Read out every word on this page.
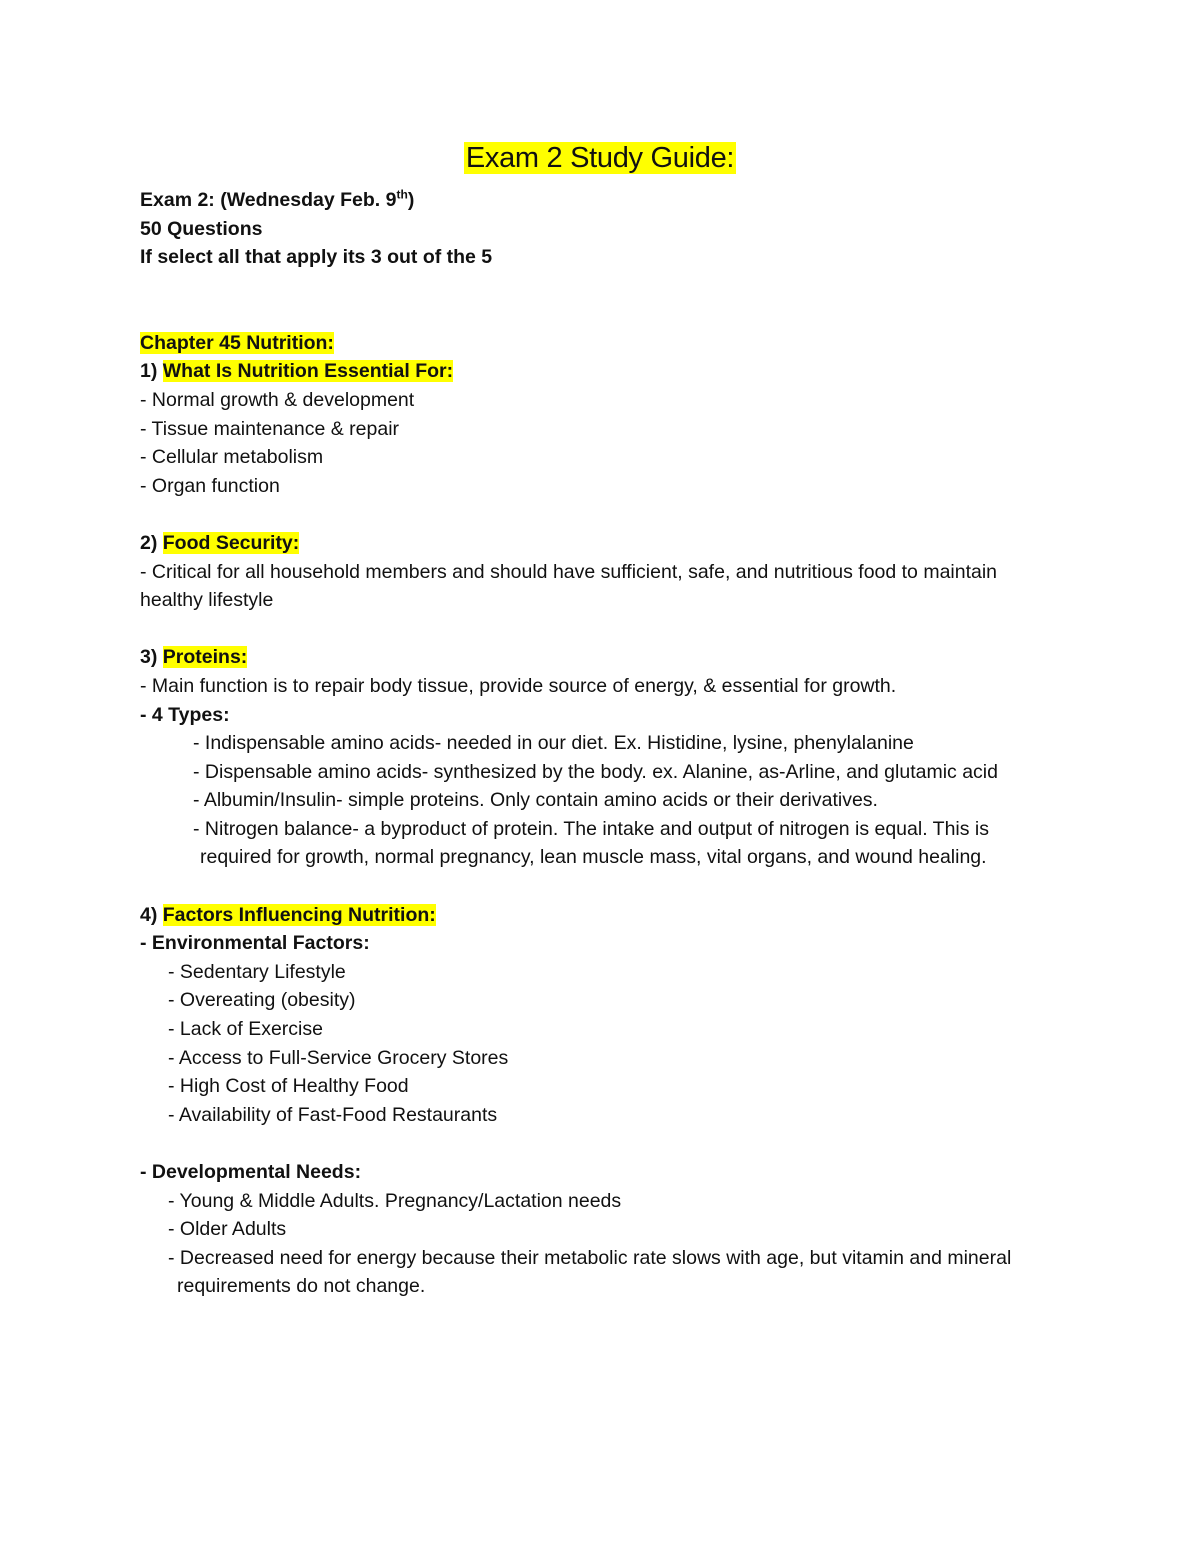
Exam 2 Study Guide:
Exam 2: (Wednesday Feb. 9th)
50 Questions
If select all that apply its 3 out of the 5
Chapter 45 Nutrition:
1) What Is Nutrition Essential For:
- Normal growth & development
- Tissue maintenance & repair
- Cellular metabolism
- Organ function
2) Food Security:
- Critical for all household members and should have sufficient, safe, and nutritious food to maintain healthy lifestyle
3) Proteins:
- Main function is to repair body tissue, provide source of energy, & essential for growth.
- 4 Types:
- Indispensable amino acids- needed in our diet. Ex. Histidine, lysine, phenylalanine
- Dispensable amino acids- synthesized by the body. ex. Alanine, as-Arline, and glutamic acid
- Albumin/Insulin- simple proteins. Only contain amino acids or their derivatives.
- Nitrogen balance- a byproduct of protein. The intake and output of nitrogen is equal. This is required for growth, normal pregnancy, lean muscle mass, vital organs, and wound healing.
4) Factors Influencing Nutrition:
- Environmental Factors:
- Sedentary Lifestyle
- Overeating (obesity)
- Lack of Exercise
- Access to Full-Service Grocery Stores
- High Cost of Healthy Food
- Availability of Fast-Food Restaurants
- Developmental Needs:
- Young & Middle Adults. Pregnancy/Lactation needs
- Older Adults
- Decreased need for energy because their metabolic rate slows with age, but vitamin and mineral requirements do not change.
